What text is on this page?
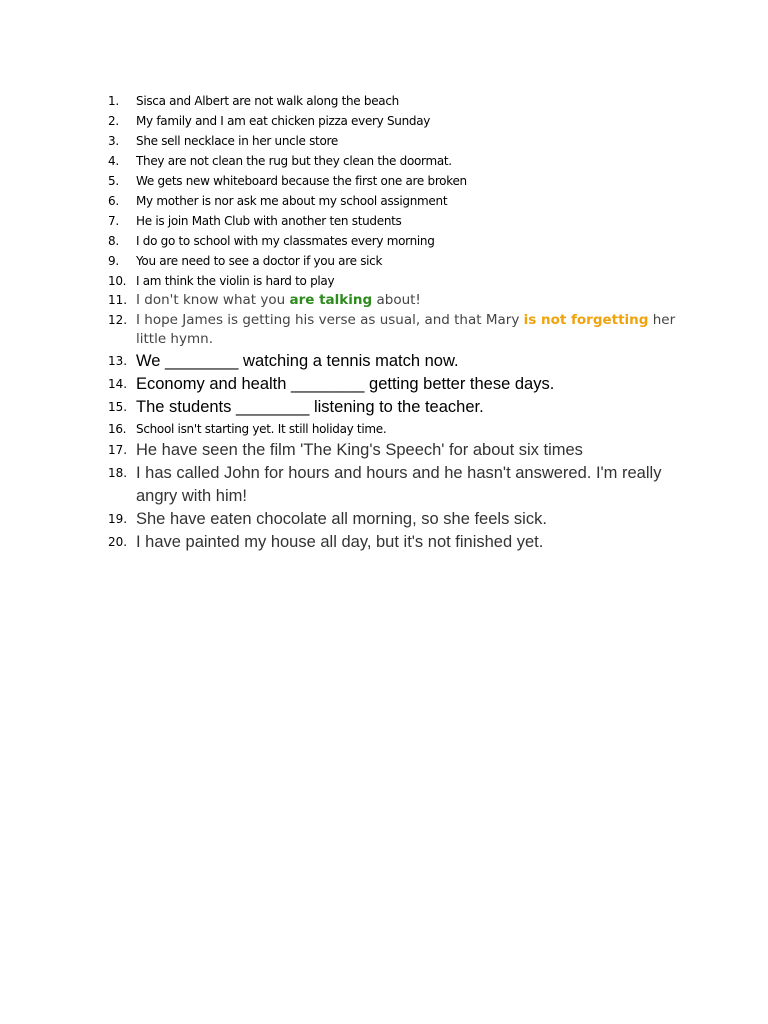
1.	Sisca and Albert are not walk along the beach
2.	My family and I am eat chicken pizza every Sunday
3.	She sell necklace in her uncle store
4.	They are not clean the rug but they clean the doormat.
5.	We gets new whiteboard because the first one are broken
6.	My mother is nor ask me about my school assignment
7.	He is join Math Club with another ten students
8.	I do go to school with my classmates every morning
9.	You are need to see a doctor if you are sick
10. I am think the violin is hard to play
11. I don't know what you are talking about!
12. I hope James is getting his verse as usual, and that Mary is not forgetting her little hymn.
13. We ________ watching a tennis match now.
14. Economy and health ________ getting better these days.
15. The students ________ listening to the teacher.
16. School isn't starting yet. It still holiday time.
17. He have seen the film 'The King's Speech' for about six times
18. I has called John for hours and hours and he hasn't answered. I'm really angry with him!
19. She have eaten chocolate all morning, so she feels sick.
20. I have painted my house all day, but it's not finished yet.
